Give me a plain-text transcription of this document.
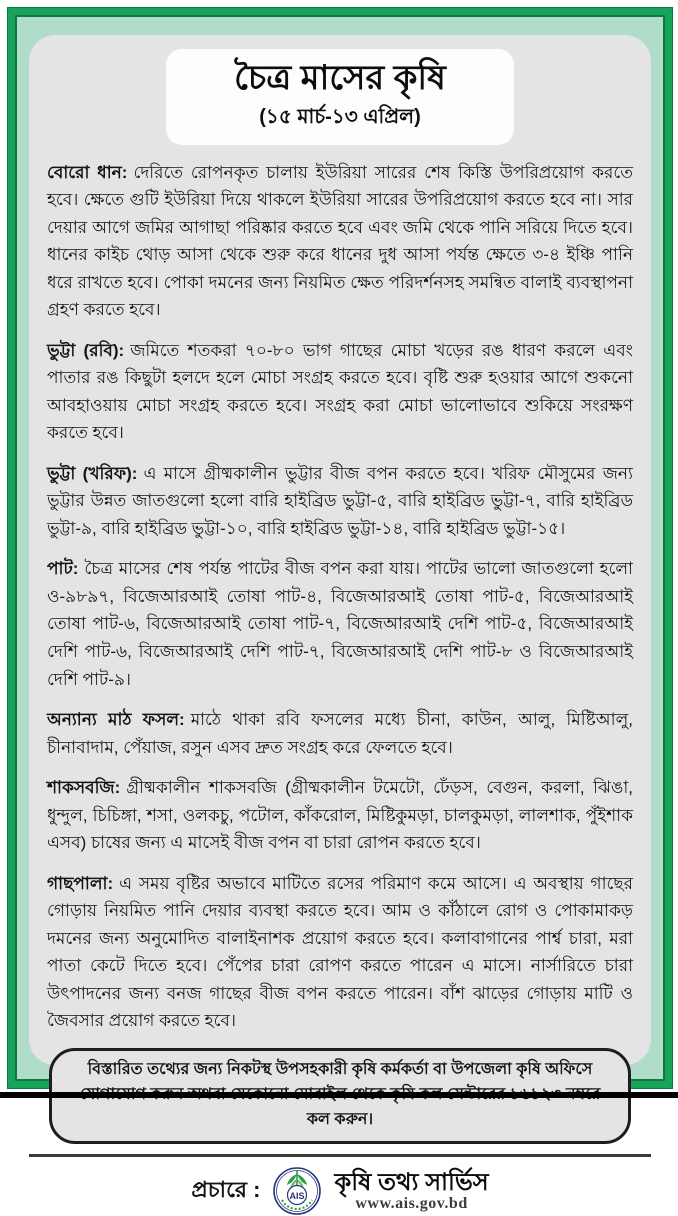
চৈত্র মাসের কৃষি
(১৫ মার্চ-১৩ এপ্রিল)

বোরো ধান: দেরিতে রোপনকৃত চালায় ইউরিয়া সারের শেষ কিস্তি উপরিপ্রয়োগ করতে হবে। ক্ষেতে গুটি ইউরিয়া দিয়ে থাকলে ইউরিয়া সারের উপরিপ্রয়োগ করতে হবে না। সার দেয়ার আগে জমির আগাছা পরিষ্কার করতে হবে এবং জমি থেকে পানি সরিয়ে দিতে হবে। ধানের কাইচ থোড় আসা থেকে শুরু করে ধানের দুধ আসা পর্যন্ত ক্ষেতে ৩-৪ ইঞ্চি পানি ধরে রাখতে হবে। পোকা দমনের জন্য নিয়মিত ক্ষেত পরিদর্শনসহ সমন্বিত বালাই ব্যবস্থাপনা গ্রহণ করতে হবে।

ভুট্টা (রবি): জমিতে শতকরা ৭০-৮০ ভাগ গাছের মোচা খড়ের রঙ ধারণ করলে এবং পাতার রঙ কিছুটা হলদে হলে মোচা সংগ্রহ করতে হবে। বৃষ্টি শুরু হওয়ার আগে শুকনো আবহাওয়ায় মোচা সংগ্রহ করতে হবে। সংগ্রহ করা মোচা ভালোভাবে শুকিয়ে সংরক্ষণ করতে হবে।

ভুট্টা (খরিফ): এ মাসে গ্রীষ্মকালীন ভুট্টার বীজ বপন করতে হবে। খরিফ মৌসুমের জন্য ভুট্টার উন্নত জাতগুলো হলো বারি হাইব্রিড ভুট্টা-৫, বারি হাইব্রিড ভুট্টা-৭, বারি হাইব্রিড ভুট্টা-৯, বারি হাইব্রিড ভুট্টা-১০, বারি হাইব্রিড ভুট্টা-১৪, বারি হাইব্রিড ভুট্টা-১৫।

পাট: চৈত্র মাসের শেষ পর্যন্ত পাটের বীজ বপন করা যায়। পাটের ভালো জাতগুলো হলো ও-৯৮৯৭, বিজেআরআই তোষা পাট-৪, বিজেআরআই তোষা পাট-৫, বিজেআরআই তোষা পাট-৬, বিজেআরআই তোষা পাট-৭, বিজেআরআই দেশি পাট-৫, বিজেআরআই দেশি পাট-৬, বিজেআরআই দেশি পাট-৭, বিজেআরআই দেশি পাট-৮ ও বিজেআরআই দেশি পাট-৯।

অন্যান্য মাঠ ফসল: মাঠে থাকা রবি ফসলের মধ্যে চীনা, কাউন, আলু, মিষ্টিআলু, চীনাবাদাম, পেঁয়াজ, রসুন এসব দ্রুত সংগ্রহ করে ফেলতে হবে।

শাকসবজি: গ্রীষ্মকালীন শাকসবজি (গ্রীষ্মকালীন টমেটো, ঢেঁড়স, বেগুন, করলা, ঝিঙা, ধুন্দুল, চিচিঙ্গা, শসা, ওলকচু, পটোল, কাঁকরোল, মিষ্টিকুমড়া, চালকুমড়া, লালশাক, পুঁইশাক এসব) চাষের জন্য এ মাসেই বীজ বপন বা চারা রোপন করতে হবে।

গাছপালা: এ সময় বৃষ্টির অভাবে মাটিতে রসের পরিমাণ কমে আসে। এ অবস্থায় গাছের গোড়ায় নিয়মিত পানি দেয়ার ব্যবস্থা করতে হবে। আম ও কাঁঠালে রোগ ও পোকামাকড় দমনের জন্য অনুমোদিত বালাইনাশক প্রয়োগ করতে হবে। কলাবাগানের পার্শ্ব চারা, মরা পাতা কেটে দিতে হবে। পেঁপের চারা রোপণ করতে পারেন এ মাসে। নার্সারিতে চারা উৎপাদনের জন্য বনজ গাছের বীজ বপন করতে পারেন। বাঁশ ঝাড়ের গোড়ায় মাটি ও জৈবসার প্রয়োগ করতে হবে।

বিস্তারিত তথ্যের জন্য নিকটস্থ উপসহকারী কৃষি কর্মকর্তা বা উপজেলা কৃষি অফিসে কল করুন।
প্রচারে :	AIS
কৃষি তথ্য সার্ভিস
www.ais.gov.bd
